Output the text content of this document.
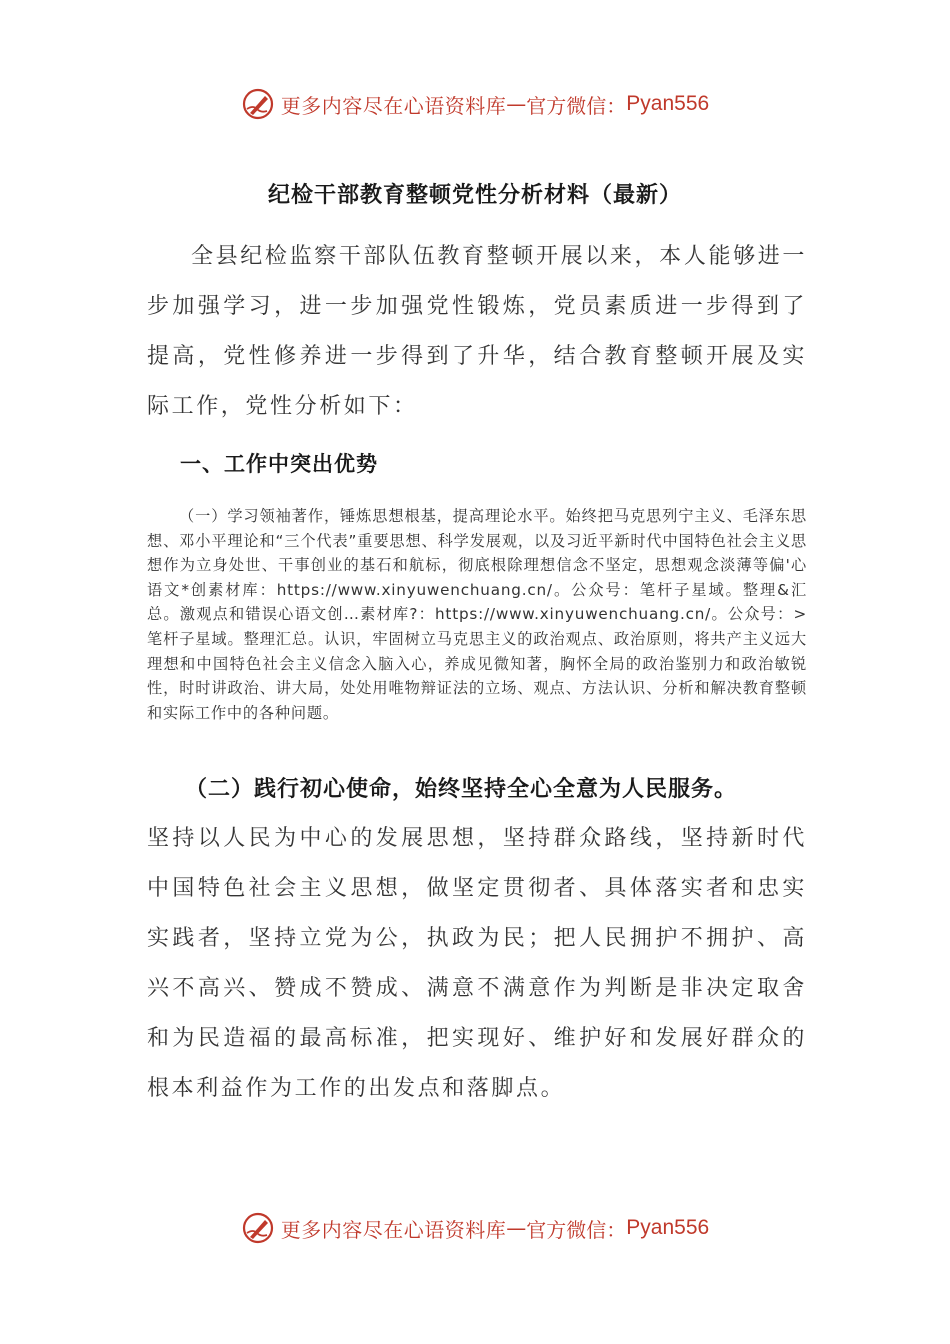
更多内容尽在心语资料库 — 官方微信： Pyan556
纪检干部教育整顿党性分析材料（最新）
全县纪检监察干部队伍教育整顿开展以来，本人能够进一步加强学习，进一步加强党性锻炼，党员素质进一步得到了提高，党性修养进一步得到了升华，结合教育整顿开展及实际工作，党性分析如下：
一、工作中突出优势
（一）学习领袖著作，锤炼思想根基，提高理论水平。始终把马克思列宁主义、毛泽东思想、邓小平理论和“三个代表”重要思想、科学发展观，以及习近平新时代中国特色社会主义思想作为立身处世、干事创业的基石和航标，彻底根除理想信念不坚定，思想观念淡薄等偏'心语文*创素材库：https://www.xinyuwenchuang.cn/。公众号：笔杆子星域。整理&汇总。激观点和错误心语文创…素材库?：https://www.xinyuwenchuang.cn/。公众号：>笔杆子星域。整理汇总。认识，牢固树立马克思主义的政治观点、政治原则，将共产主义远大理想和中国特色社会主义信念入脑入心，养成见微知著，胸怀全局的政治鉴别力和政治敏锐性，时时讲政治、讲大局，处处用唯物辩证法的立场、观点、方法认识、分析和解决教育整顿和实际工作中的各种问题。
（二）践行初心使命，始终坚持全心全意为人民服务。
坚持以人民为中心的发展思想，坚持群众路线，坚持新时代中国特色社会主义思想，做坚定贯彻者、具体落实者和忠实实践者，坚持立党为公，执政为民；把人民拥护不拥护、高兴不高兴、赞成不赞成、满意不满意作为判断是非决定取舍和为民造福的最高标准，把实现好、维护好和发展好群众的根本利益作为工作的出发点和落脚点。
更多内容尽在心语资料库 — 官方微信： Pyan556
